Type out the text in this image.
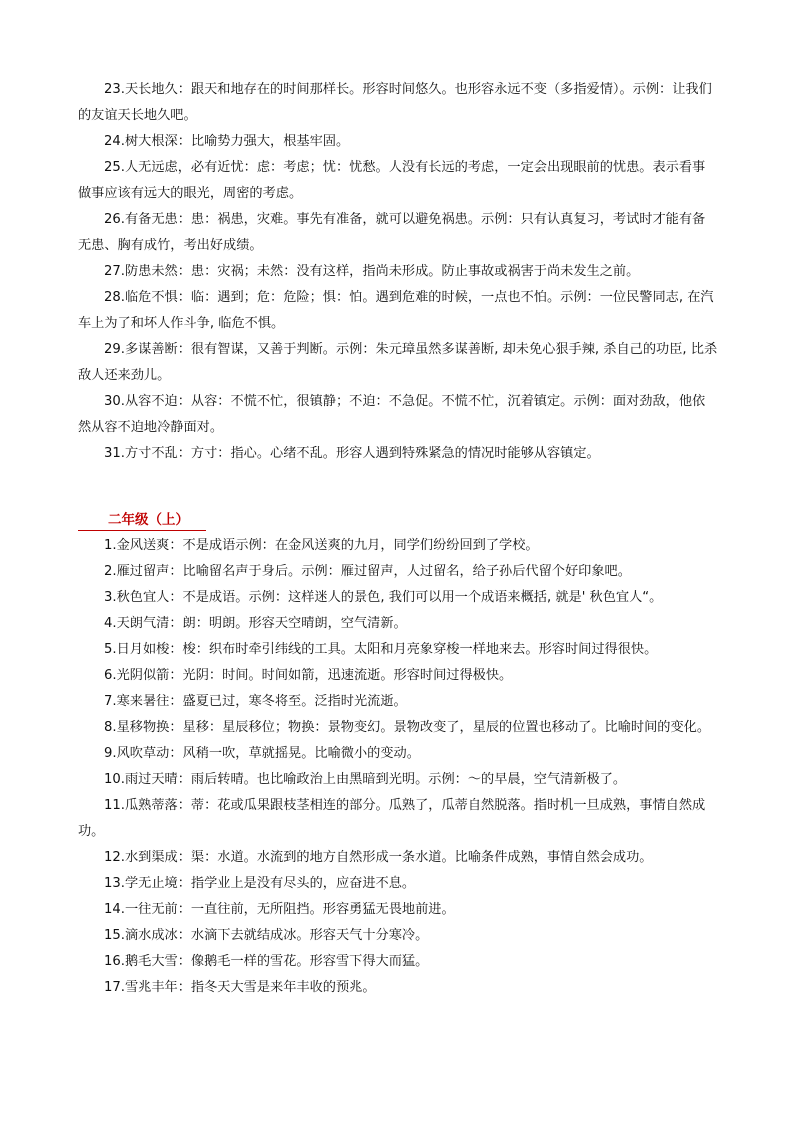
23.天长地久：跟天和地存在的时间那样长。形容时间悠久。也形容永远不变（多指爱情）。示例：让我们的友谊天长地久吧。

24.树大根深：比喻势力强大，根基牢固。

25.人无远虑，必有近忧：虑：考虑；忧：忧愁。人没有长远的考虑，一定会出现眼前的忧患。表示看事做事应该有远大的眼光，周密的考虑。

26.有备无患：患：祸患，灾难。事先有准备，就可以避免祸患。示例：只有认真复习，考试时才能有备无患、胸有成竹，考出好成绩。

27.防患未然：患：灾祸；未然：没有这样，指尚未形成。防止事故或祸害于尚未发生之前。

28.临危不惧：临：遇到；危：危险；惧：怕。遇到危难的时候，一点也不怕。示例：一位民警同志, 在汽车上为了和坏人作斗争, 临危不惧。

29.多谋善断：很有智谋，又善于判断。示例：朱元璋虽然多谋善断, 却未免心狠手辣, 杀自己的功臣, 比杀敌人还来劲儿。

30.从容不迫：从容：不慌不忙，很镇静；不迫：不急促。不慌不忙，沉着镇定。示例：面对劲敌，他依然从容不迫地冷静面对。

31.方寸不乱：方寸：指心。心绪不乱。形容人遇到特殊紧急的情况时能够从容镇定。

二年级（上）

1.金风送爽：不是成语示例：在金风送爽的九月，同学们纷纷回到了学校。

2.雁过留声：比喻留名声于身后。示例：雁过留声，人过留名，给子孙后代留个好印象吧。

3.秋色宜人：不是成语。示例：这样迷人的景色, 我们可以用一个成语来概括, 就是' 秋色宜人“。

4.天朗气清：朗：明朗。形容天空晴朗，空气清新。

5.日月如梭：梭：织布时牵引纬线的工具。太阳和月亮象穿梭一样地来去。形容时间过得很快。

6.光阴似箭：光阴：时间。时间如箭，迅速流逝。形容时间过得极快。

7.寒来暑往：盛夏已过，寒冬将至。泛指时光流逝。

8.星移物换：星移：星辰移位；物换：景物变幻。景物改变了，星辰的位置也移动了。比喻时间的变化。

9.风吹草动：风稍一吹，草就摇晃。比喻微小的变动。

10.雨过天晴：雨后转晴。也比喻政治上由黑暗到光明。示例：～的早晨，空气清新极了。

11.瓜熟蒂落：蒂：花或瓜果跟枝茎相连的部分。瓜熟了，瓜蒂自然脱落。指时机一旦成熟，事情自然成功。

12.水到渠成：渠：水道。水流到的地方自然形成一条水道。比喻条件成熟，事情自然会成功。

13.学无止境：指学业上是没有尽头的，应奋进不息。

14.一往无前：一直往前，无所阻挡。形容勇猛无畏地前进。

15.滴水成冰：水滴下去就结成冰。形容天气十分寒冷。

16.鹅毛大雪：像鹅毛一样的雪花。形容雪下得大而猛。

17.雪兆丰年：指冬天大雪是来年丰收的预兆。
